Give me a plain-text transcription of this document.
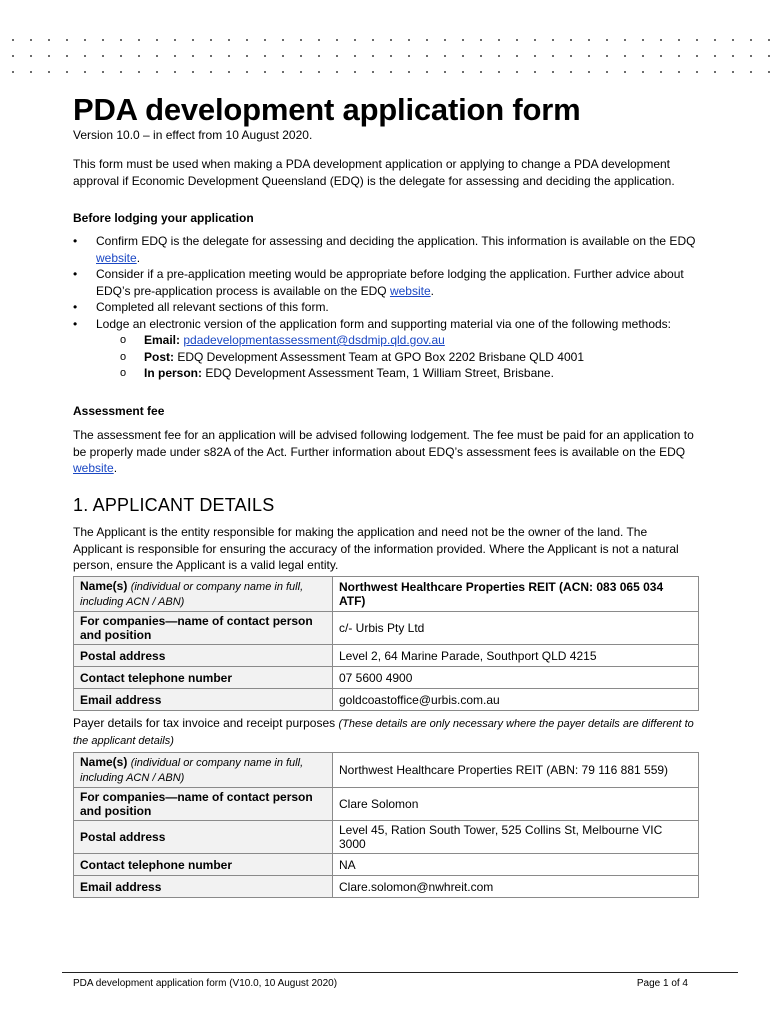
PDA development application form
Version 10.0 – in effect from 10 August 2020.

This form must be used when making a PDA development application or applying to change a PDA development approval if Economic Development Queensland (EDQ) is the delegate for assessing and deciding the application.

Before lodging your application
• Confirm EDQ is the delegate for assessing and deciding the application. This information is available on the EDQ website.
• Consider if a pre-application meeting would be appropriate before lodging the application. Further advice about EDQ’s pre-application process is available on the EDQ website.
• Completed all relevant sections of this form.
• Lodge an electronic version of the application form and supporting material via one of the following methods:
o Email: pdadevelopmentassessment@dsdmip.qld.gov.au
o Post: EDQ Development Assessment Team at GPO Box 2202 Brisbane QLD 4001
o In person: EDQ Development Assessment Team, 1 William Street, Brisbane.
Assessment fee

The assessment fee for an application will be advised following lodgement. The fee must be paid for an application to be properly made under s82A of the Act. Further information about EDQ’s assessment fees is available on the EDQ website.

1. APPLICANT DETAILS

The Applicant is the entity responsible for making the application and need not be the owner of the land. The Applicant is responsible for ensuring the accuracy of the information provided. Where the Applicant is not a natural person, ensure the Applicant is a valid legal entity.

Name(s) (individual or company name in full, including ACN / ABN)	Northwest Healthcare Properties REIT (ACN: 083 065 034 ATF)
For companies—name of contact person and position	c/- Urbis Pty Ltd
Postal address	Level 2, 64 Marine Parade, Southport QLD 4215
Contact telephone number	07 5600 4900
Email address	goldcoastoffice@urbis.com.au
Payer details for tax invoice and receipt purposes (These details are only necessary where the payer details are different to the applicant details)
Name(s) (individual or company name in full, including ACN / ABN)	Northwest Healthcare Properties REIT (ABN: 79 116 881 559)
For companies—name of contact person and position	Clare Solomon
Postal address	Level 45, Ration South Tower, 525 Collins St, Melbourne VIC 3000
Contact telephone number	NA
Email address	Clare.solomon@nwhreit.com
PDA development application form (V10.0, 10 August 2020)	Page 1 of 4
